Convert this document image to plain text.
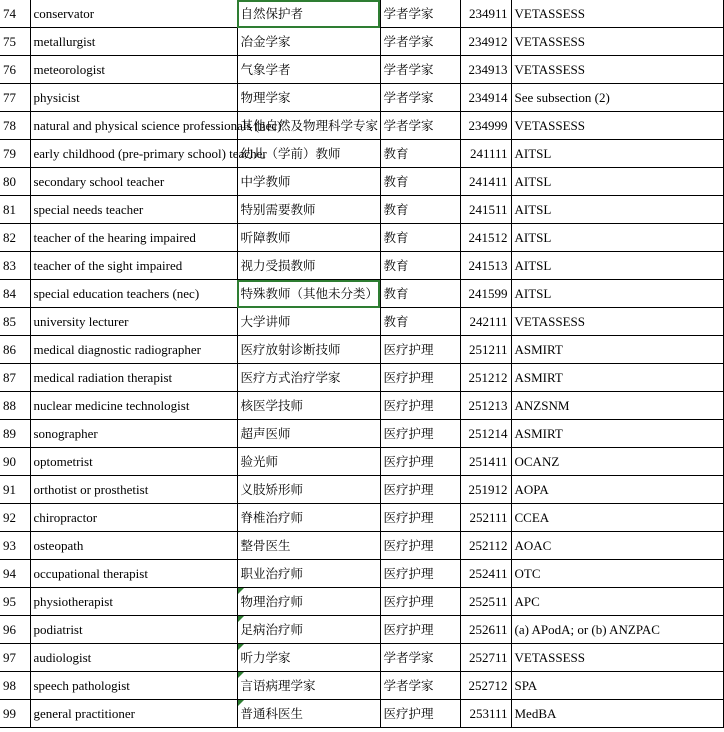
74	conservator	自然保护者	学者学家	234911	VETASSESS
75	metallurgist	冶金学家	学者学家	234912	VETASSESS
76	meteorologist	气象学者	学者学家	234913	VETASSESS
77	physicist	物理学家	学者学家	234914	See subsection (2)
78	natural and physical science professionals (nec)	其他自然及物理科学专家	学者学家	234999	VETASSESS
79	early childhood (pre-primary school) teacher	幼儿（学前）教师	教育	241111	AITSL
80	secondary school teacher	中学教师	教育	241411	AITSL
81	special needs teacher	特别需要教师	教育	241511	AITSL
82	teacher of the hearing impaired	听障教师	教育	241512	AITSL
83	teacher of the sight impaired	视力受损教师	教育	241513	AITSL
84	special education teachers (nec)	特殊教师（其他未分类）	教育	241599	AITSL
85	university lecturer	大学讲师	教育	242111	VETASSESS
86	medical diagnostic radiographer	医疗放射诊断技师	医疗护理	251211	ASMIRT
87	medical radiation therapist	医疗方式治疗学家	医疗护理	251212	ASMIRT
88	nuclear medicine technologist	核医学技师	医疗护理	251213	ANZSNM
89	sonographer	超声医师	医疗护理	251214	ASMIRT
90	optometrist	验光师	医疗护理	251411	OCANZ
91	orthotist or prosthetist	义肢矫形师	医疗护理	251912	AOPA
92	chiropractor	脊椎治疗师	医疗护理	252111	CCEA
93	osteopath	整骨医生	医疗护理	252112	AOAC
94	occupational therapist	职业治疗师	医疗护理	252411	OTC
95	physiotherapist	物理治疗师	医疗护理	252511	APC
96	podiatrist	足病治疗师	医疗护理	252611	(a) APodA; or (b) ANZPAC
97	audiologist	听力学家	学者学家	252711	VETASSESS
98	speech pathologist	言语病理学家	学者学家	252712	SPA
99	general practitioner	普通科医生	医疗护理	253111	MedBA
